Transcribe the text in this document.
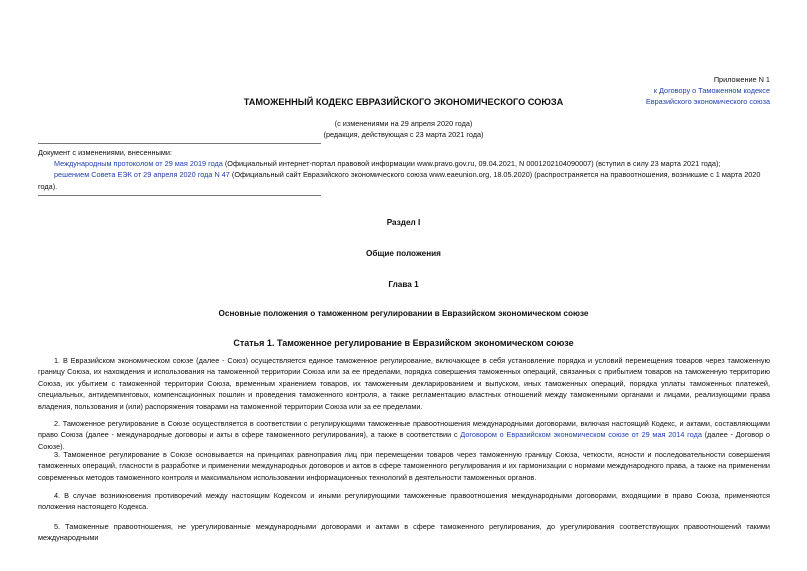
Приложение N 1
к Договору о Таможенном кодексе
Евразийского экономического союза
ТАМОЖЕННЫЙ КОДЕКС ЕВРАЗИЙСКОГО ЭКОНОМИЧЕСКОГО СОЮЗА
(с изменениями на 29 апреля 2020 года)
(редакция, действующая с 23 марта 2021 года)

Документ с изменениями, внесенными:

Международным протоколом от 29 мая 2019 года (Официальный интернет-портал правовой информации www.pravo.gov.ru, 09.04.2021, N 0001202104090007) (вступил в силу 23 марта 2021 года);

решением Совета ЕЭК от 29 апреля 2020 года N 47 (Официальный сайт Евразийского экономического союза www.eaeunion.org, 18.05.2020) (распространяется на правоотношения, возникшие с 1 марта 2020 года).

Раздел I
Общие положения
Глава 1
Основные положения о таможенном регулировании в Евразийском экономическом союзе
Статья 1. Таможенное регулирование в Евразийском экономическом союзе

1. В Евразийском экономическом союзе (далее - Союз) осуществляется единое таможенное регулирование, включающее в себя установление порядка и условий перемещения товаров через таможенную границу Союза, их нахождения и использования на таможенной территории Союза или за ее пределами, порядка совершения таможенных операций, связанных с прибытием товаров на таможенную территорию Союза, их убытием с таможенной территории Союза, временным хранением товаров, их таможенным декларированием и выпуском, иных таможенных операций, порядка уплаты таможенных платежей, специальных, антидемпинговых, компенсационных пошлин и проведения таможенного контроля, а также регламентацию властных отношений между таможенными органами и лицами, реализующими права владения, пользования и (или) распоряжения товарами на таможенной территории Союза или за ее пределами.

2. Таможенное регулирование в Союзе осуществляется в соответствии с регулирующими таможенные правоотношения международными договорами, включая настоящий Кодекс, и актами, составляющими право Союза (далее - международные договоры и акты в сфере таможенного регулирования), а также в соответствии с Договором о Евразийском экономическом союзе от 29 мая 2014 года (далее - Договор о Союзе).

3. Таможенное регулирование в Союзе основывается на принципах равноправия лиц при перемещении товаров через таможенную границу Союза, четкости, ясности и последовательности совершения таможенных операций, гласности в разработке и применении международных договоров и актов в сфере таможенного регулирования и их гармонизации с нормами международного права, а также на применении современных методов таможенного контроля и максимальном использовании информационных технологий в деятельности таможенных органов.

4. В случае возникновения противоречий между настоящим Кодексом и иными регулирующими таможенные правоотношения международными договорами, входящими в право Союза, применяются положения настоящего Кодекса.

5. Таможенные правоотношения, не урегулированные международными договорами и актами в сфере таможенного регулирования, до урегулирования соответствующих правоотношений такими международными
